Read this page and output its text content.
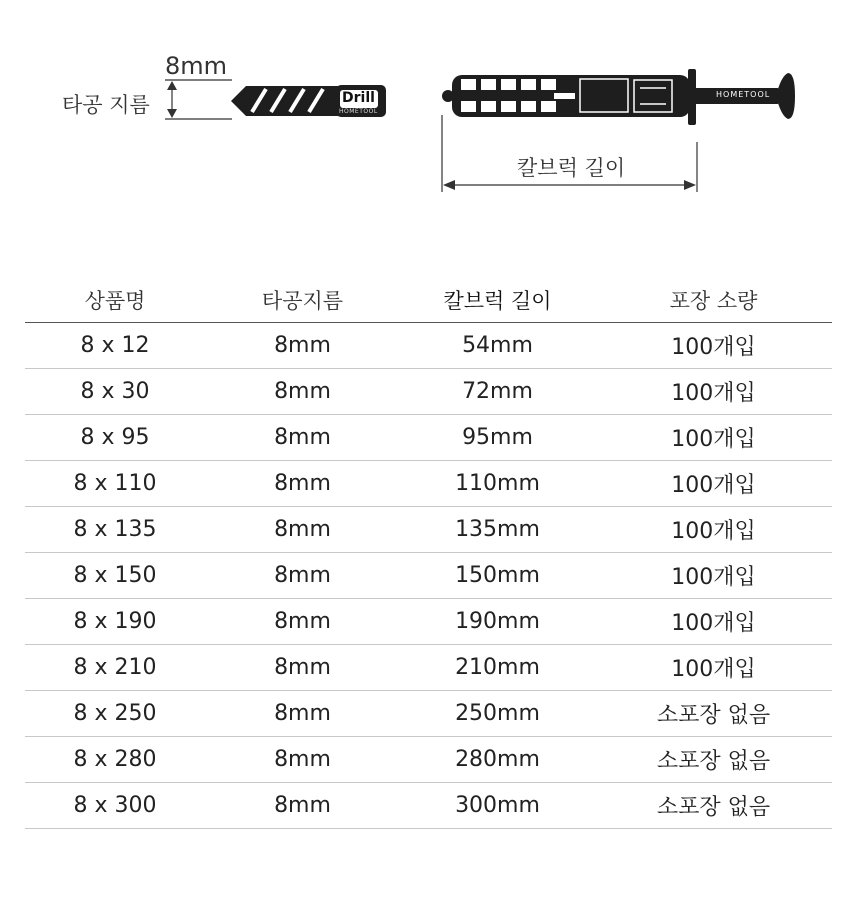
8mm
타공 지름	Drill
HOMETOOL
HOMETOOL
칼브럭 길이
상품명	타공지름	칼브럭 길이	포장 소량
8 x 12	8mm	54mm	100개입
8 x 30	8mm	72mm	100개입
8 x 95	8mm	95mm	100개입
8 x 110	8mm	110mm	100개입
8 x 135	8mm	135mm	100개입
8 x 150	8mm	150mm	100개입
8 x 190	8mm	190mm	100개입
8 x 210	8mm	210mm	100개입
8 x 250	8mm	250mm	소포장 없음
8 x 280	8mm	280mm	소포장 없음
8 x 300	8mm	300mm	소포장 없음
